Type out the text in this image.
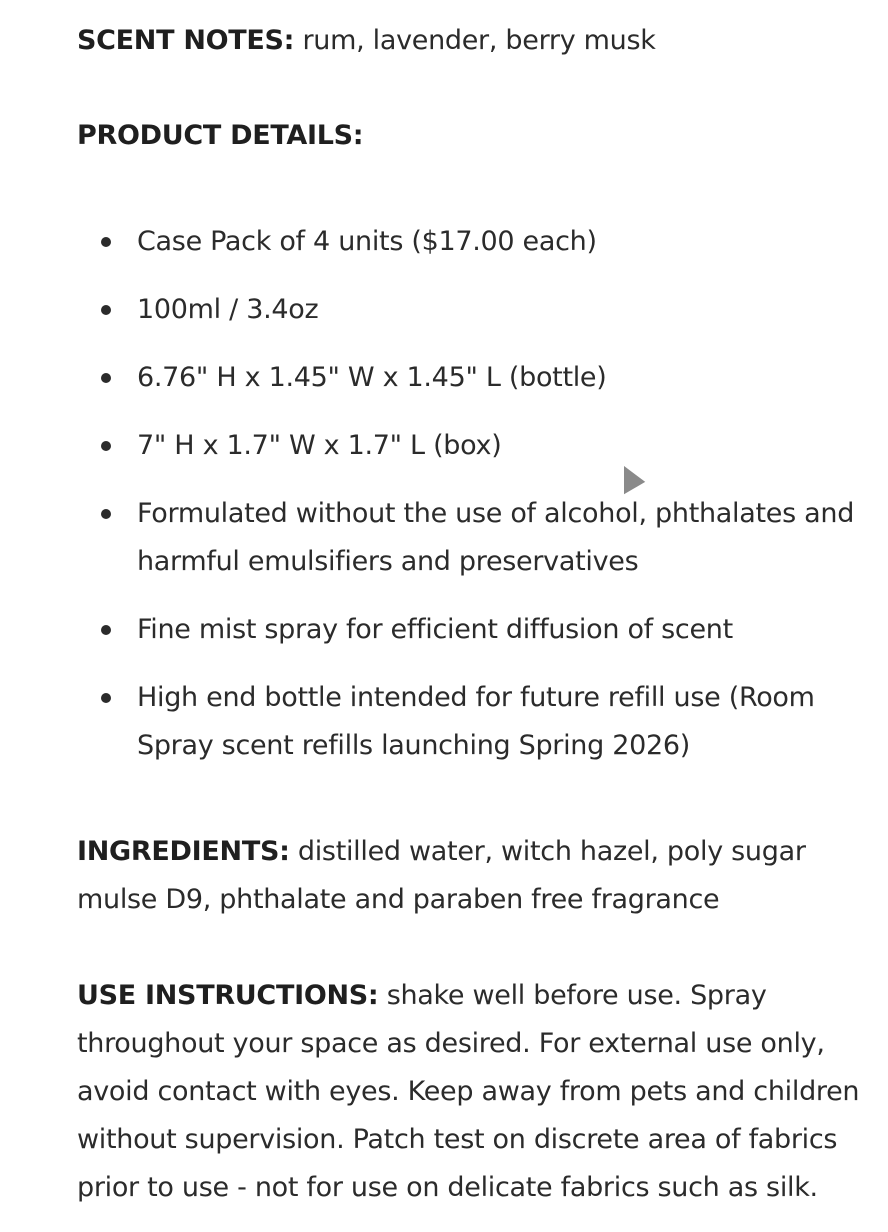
SCENT NOTES: rum, lavender, berry musk

PRODUCT DETAILS:

Case Pack of 4 units ($17.00 each)
100ml / 3.4oz
6.76" H x 1.45" W x 1.45" L (bottle)
7" H x 1.7" W x 1.7" L (box)
Formulated without the use of alcohol, phthalates and harmful emulsifiers and preservatives
Fine mist spray for efficient diffusion of scent
High end bottle intended for future refill use (Room Spray scent refills launching Spring 2026)

INGREDIENTS: distilled water, witch hazel, poly sugar mulse D9, phthalate and paraben free fragrance

USE INSTRUCTIONS: shake well before use. Spray throughout your space as desired. For external use only, avoid contact with eyes. Keep away from pets and children without supervision. Patch test on discrete area of fabrics prior to use - not for use on delicate fabrics such as silk.
